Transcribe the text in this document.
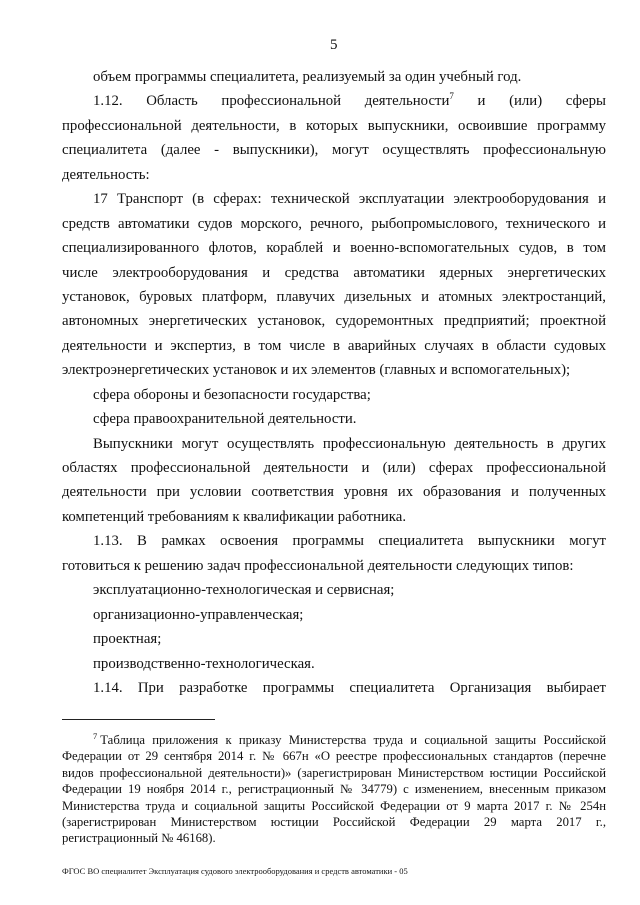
5
объем программы специалитета, реализуемый за один учебный год.
1.12. Область профессиональной деятельности$^7$ и (или) сферы
профессиональной деятельности, в которых выпускники, освоившие программу
специалитета (далее - выпускники), могут осуществлять профессиональную
деятельность:
17 Транспорт (в сферах: технической эксплуатации электрооборудования и
средств автоматики судов морского, речного, рыбопромыслового, технического и
специализированного флотов, кораблей и военно-вспомогательных судов, в том
числе электрооборудования и средства автоматики ядерных энергетических
установок, буровых платформ, плавучих дизельных и атомных электростанций,
автономных энергетических установок, судоремонтных предприятий; проектной
деятельности и экспертиз, в том числе в аварийных случаях в области судовых
электроэнергетических установок и их элементов (главных и вспомогательных);
сфера обороны и безопасности государства;
сфера правоохранительной деятельности.
Выпускники могут осуществлять профессиональную деятельность в других
областях профессиональной деятельности и (или) сферах профессиональной
деятельности при условии соответствия уровня их образования и полученных
компетенций требованиям к квалификации работника.
1.13. В рамках освоения программы специалитета выпускники могут
готовиться к решению задач профессиональной деятельности следующих типов:
эксплуатационно-технологическая и сервисная;
организационно-управленческая;
проектная;
производственно-технологическая.
1.14. При разработке программы специалитета Организация выбирает
$^7$ Таблица приложения к приказу Министерства труда и социальной защиты Российской
Федерации от 29 сентября 2014 г. № 667н «О реестре профессиональных стандартов (перечне
видов профессиональной деятельности)» (зарегистрирован Министерством юстиции Российской
Федерации 19 ноября 2014 г., регистрационный № 34779) с изменением, внесенным приказом
Министерства труда и социальной защиты Российской Федерации от 9 марта 2017 г. № 254н
(зарегистрирован Министерством юстиции Российской Федерации 29 марта 2017 г.,
регистрационный № 46168).
ФГОС ВО специалитет Эксплуатация судового электрооборудования и средств автоматики - 05
